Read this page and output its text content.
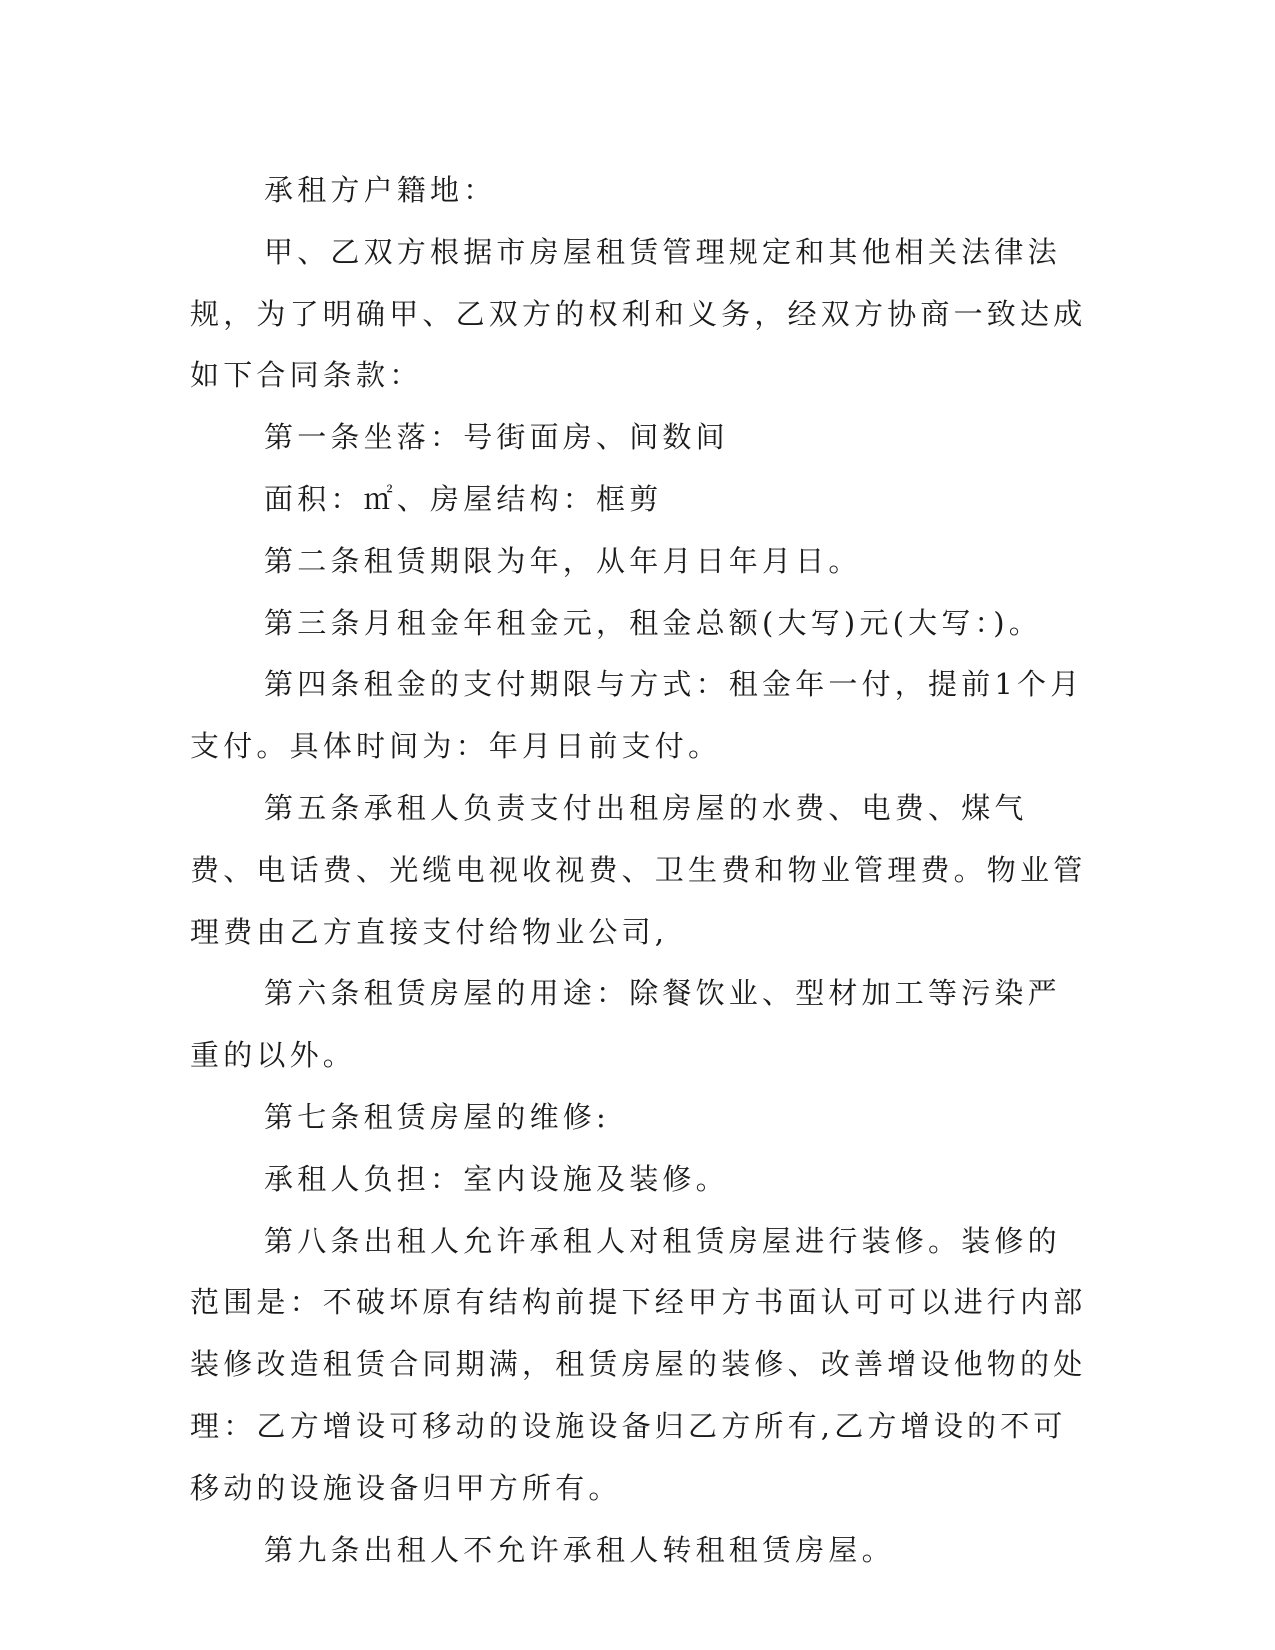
承租方户籍地：

甲、乙双方根据市房屋租赁管理规定和其他相关法律法规，为了明确甲、乙双方的权利和义务，经双方协商一致达成如下合同条款：

第一条坐落：号街面房、间数间

面积：㎡、房屋结构：框剪

第二条租赁期限为年，从年月日年月日。

第三条月租金年租金元，租金总额(大写)元(大写：)。

第四条租金的支付期限与方式：租金年一付，提前1个月支付。具体时间为：年月日前支付。

第五条承租人负责支付出租房屋的水费、电费、煤气费、电话费、光缆电视收视费、卫生费和物业管理费。物业管理费由乙方直接支付给物业公司,

第六条租赁房屋的用途：除餐饮业、型材加工等污染严重的以外。

第七条租赁房屋的维修:

承租人负担：室内设施及装修。

第八条出租人允许承租人对租赁房屋进行装修。装修的范围是：不破坏原有结构前提下经甲方书面认可可以进行内部装修改造租赁合同期满，租赁房屋的装修、改善增设他物的处理：乙方增设可移动的设施设备归乙方所有,乙方增设的不可移动的设施设备归甲方所有。

第九条出租人不允许承租人转租租赁房屋。
